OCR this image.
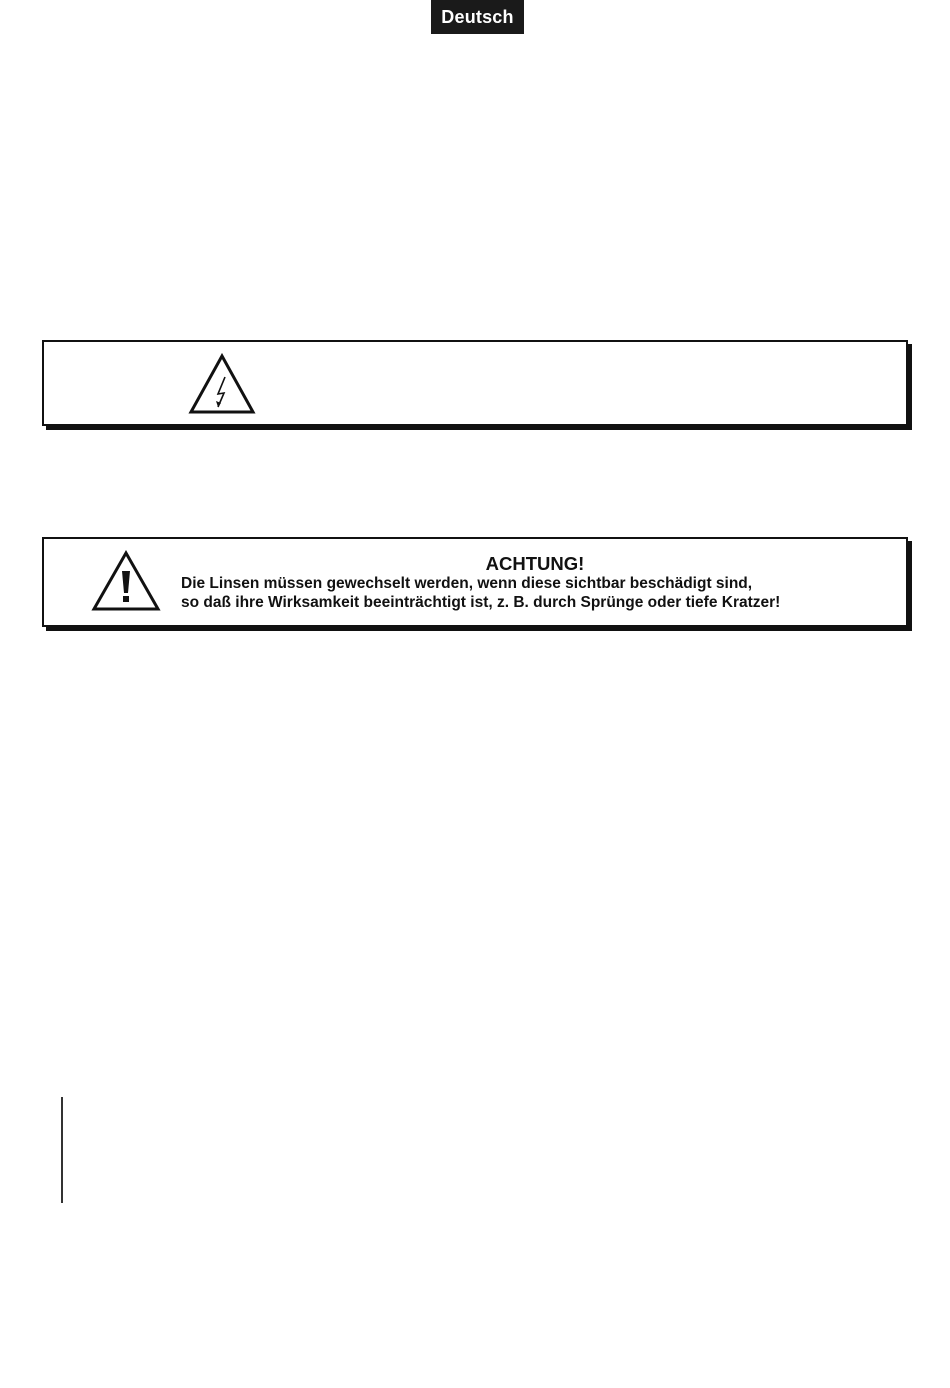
Deutsch
ACHTUNG!
Die Linsen müssen gewechselt werden, wenn diese sichtbar beschädigt sind,
so daß ihre Wirksamkeit beeinträchtigt ist, z. B. durch Sprünge oder tiefe Kratzer!
